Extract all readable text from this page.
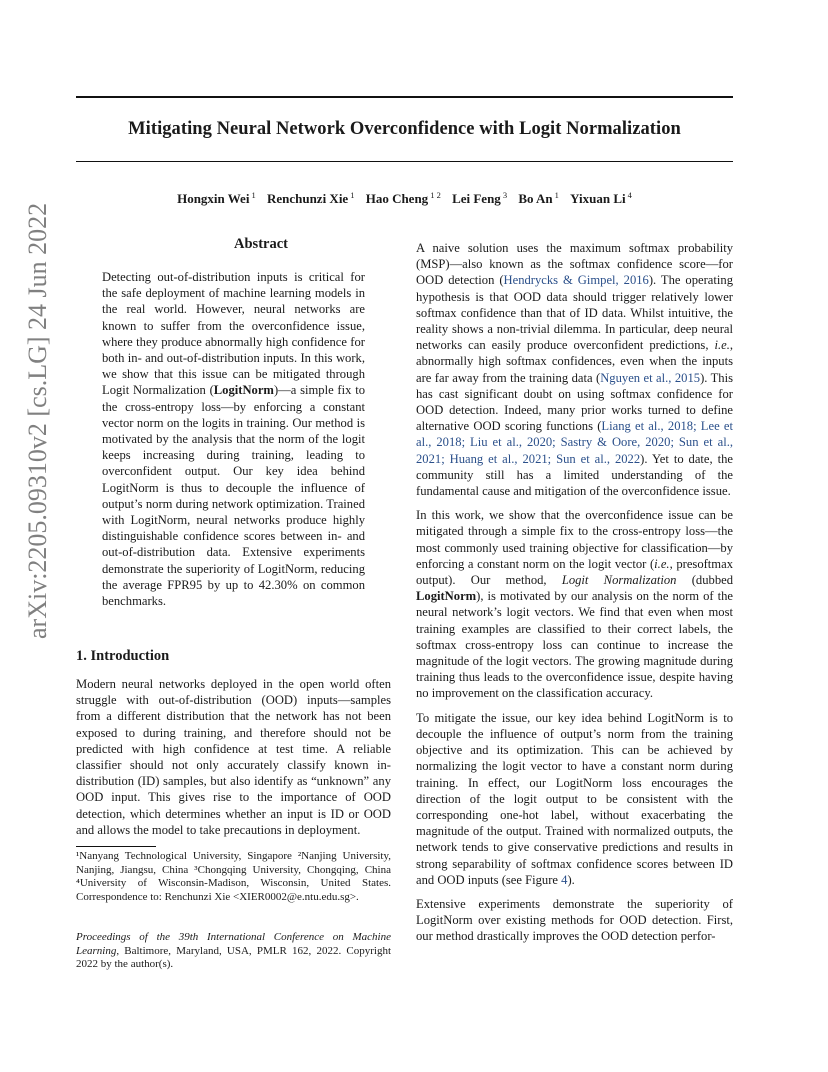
arXiv:2205.09310v2 [cs.LG] 24 Jun 2022
Mitigating Neural Network Overconfidence with Logit Normalization
Hongxin Wei $^1$ Renchunzi Xie $^1$ Hao Cheng $^{1 2}$ Lei Feng $^3$ Bo An $^1$ Yixuan Li $^4$
Abstract

Detecting out-of-distribution inputs is critical for the safe deployment of machine learning models in the real world. However, neural networks are known to suffer from the overconfidence issue, where they produce abnormally high confidence for both in- and out-of-distribution inputs. In this work, we show that this issue can be mitigated through Logit Normalization (LogitNorm)—a simple fix to the cross-entropy loss—by enforcing a constant vector norm on the logits in training. Our method is motivated by the analysis that the norm of the logit keeps increasing during training, leading to overconfident output. Our key idea behind LogitNorm is thus to decouple the influence of output’s norm during network optimization. Trained with LogitNorm, neural networks produce highly distinguishable confidence scores between in- and out-of-distribution data. Extensive experiments demonstrate the superiority of LogitNorm, reducing the average FPR95 by up to 42.30% on common benchmarks.

1. Introduction

Modern neural networks deployed in the open world often struggle with out-of-distribution (OOD) inputs—samples from a different distribution that the network has not been exposed to during training, and therefore should not be predicted with high confidence at test time. A reliable classifier should not only accurately classify known in-distribution (ID) samples, but also identify as “unknown” any OOD input. This gives rise to the importance of OOD detection, which determines whether an input is ID or OOD and allows the model to take precautions in deployment.

¹Nanyang Technological University, Singapore ²Nanjing University, Nanjing, Jiangsu, China ³Chongqing University, Chongqing, China ⁴University of Wisconsin-Madison, Wisconsin, United States. Correspondence to: Renchunzi Xie <XIER0002@e.ntu.edu.sg>.
Proceedings of the 39th International Conference on Machine Learning, Baltimore, Maryland, USA, PMLR 162, 2022. Copyright 2022 by the author(s).

A naive solution uses the maximum softmax probability (MSP)—also known as the softmax confidence score—for OOD detection (Hendrycks & Gimpel, 2016). The operating hypothesis is that OOD data should trigger relatively lower softmax confidence than that of ID data. Whilst intuitive, the reality shows a non-trivial dilemma. In particular, deep neural networks can easily produce overconfident predictions, i.e., abnormally high softmax confidences, even when the inputs are far away from the training data (Nguyen et al., 2015). This has cast significant doubt on using softmax confidence for OOD detection. Indeed, many prior works turned to define alternative OOD scoring functions (Liang et al., 2018; Lee et al., 2018; Liu et al., 2020; Sastry & Oore, 2020; Sun et al., 2021; Huang et al., 2021; Sun et al., 2022). Yet to date, the community still has a limited understanding of the fundamental cause and mitigation of the overconfidence issue.

In this work, we show that the overconfidence issue can be mitigated through a simple fix to the cross-entropy loss—the most commonly used training objective for classification—by enforcing a constant norm on the logit vector (i.e., presoftmax output). Our method, Logit Normalization (dubbed LogitNorm), is motivated by our analysis on the norm of the neural network’s logit vectors. We find that even when most training examples are classified to their correct labels, the softmax cross-entropy loss can continue to increase the magnitude of the logit vectors. The growing magnitude during training thus leads to the overconfidence issue, despite having no improvement on the classification accuracy.

To mitigate the issue, our key idea behind LogitNorm is to decouple the influence of output’s norm from the training objective and its optimization. This can be achieved by normalizing the logit vector to have a constant norm during training. In effect, our LogitNorm loss encourages the direction of the logit output to be consistent with the corresponding one-hot label, without exacerbating the magnitude of the output. Trained with normalized outputs, the network tends to give conservative predictions and results in strong separability of softmax confidence scores between ID and OOD inputs (see Figure 4).

Extensive experiments demonstrate the superiority of LogitNorm over existing methods for OOD detection. First, our method drastically improves the OOD detection perfor-
